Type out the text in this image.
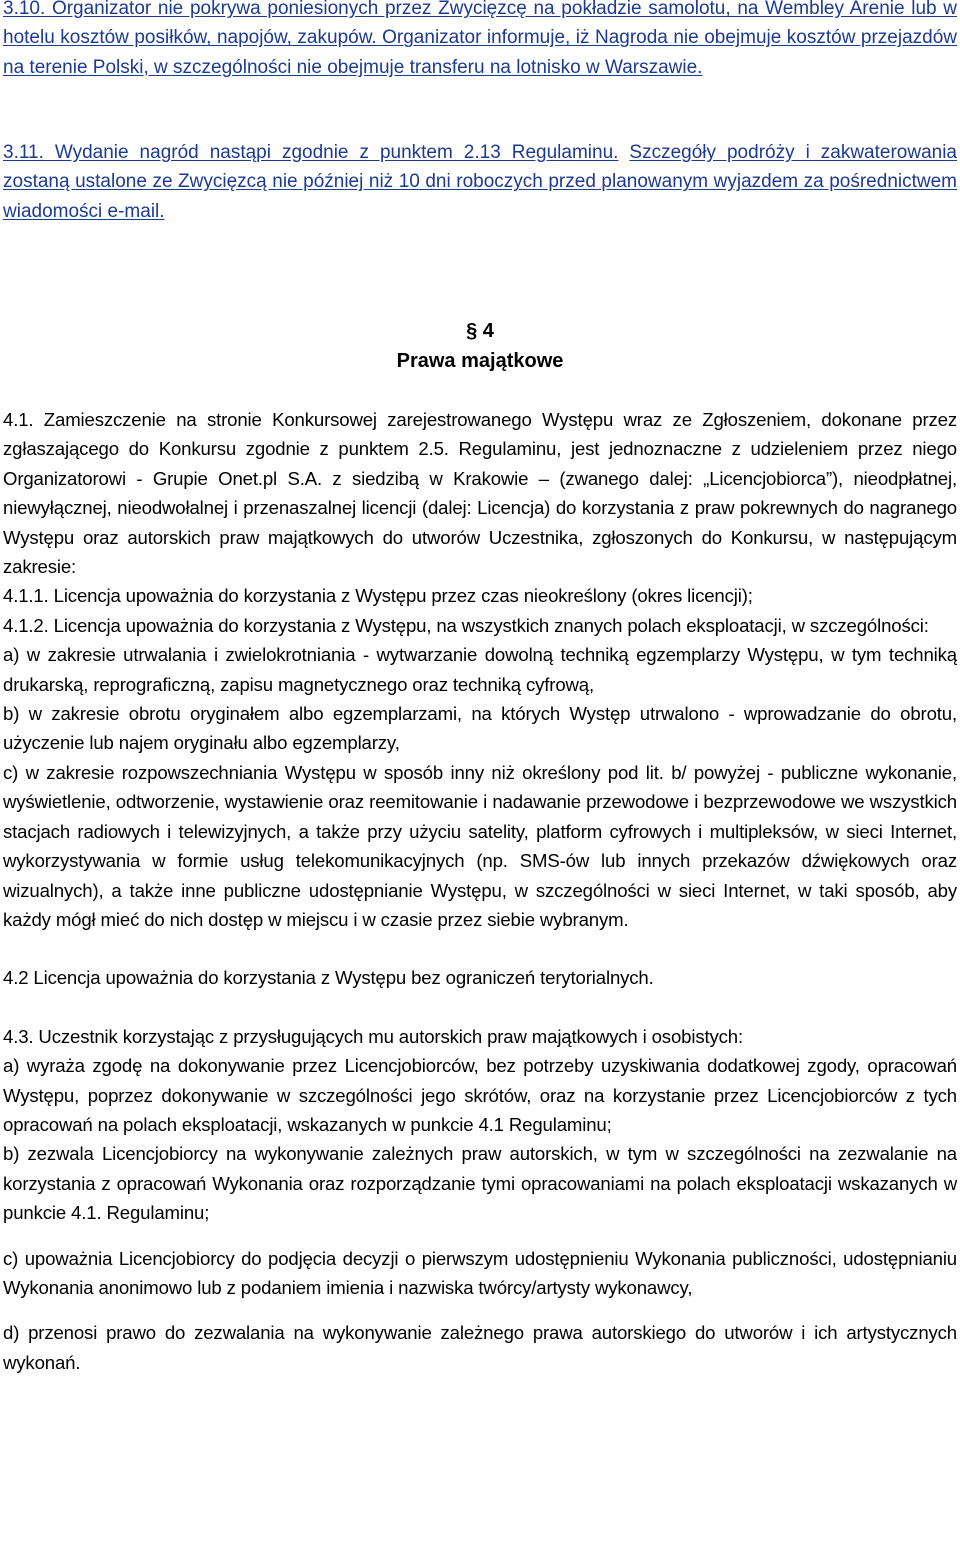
3.10. Organizator nie pokrywa poniesionych przez Zwycięzcę na pokładzie samolotu, na Wembley Arenie lub w hotelu kosztów posiłków, napojów, zakupów. Organizator informuje, iż Nagroda nie obejmuje kosztów przejazdów na terenie Polski, w szczególności nie obejmuje transferu na lotnisko w Warszawie.

3.11. Wydanie nagród nastąpi zgodnie z punktem 2.13 Regulaminu. Szczegóły podróży i zakwaterowania zostaną ustalone ze Zwycięzcą nie później niż 10 dni roboczych przed planowanym wyjazdem za pośrednictwem wiadomości e-mail.

§ 4

Prawa majątkowe

4.1. Zamieszczenie na stronie Konkursowej zarejestrowanego Występu wraz ze Zgłoszeniem, dokonane przez zgłaszającego do Konkursu zgodnie z punktem 2.5. Regulaminu, jest jednoznaczne z udzieleniem przez niego Organizatorowi - Grupie Onet.pl S.A. z siedzibą w Krakowie – (zwanego dalej: „Licencjobiorca”), nieodpłatnej, niewyłącznej, nieodwołalnej i przenaszalnej licencji (dalej: Licencja) do korzystania z praw pokrewnych do nagranego Występu oraz autorskich praw majątkowych do utworów Uczestnika, zgłoszonych do Konkursu, w następującym zakresie:

4.1.1. Licencja upoważnia do korzystania z Występu przez czas nieokreślony (okres licencji);

4.1.2. Licencja upoważnia do korzystania z Występu, na wszystkich znanych polach eksploatacji, w szczególności:

a) w zakresie utrwalania i zwielokrotniania - wytwarzanie dowolną techniką egzemplarzy Występu, w tym techniką drukarską, reprograficzną, zapisu magnetycznego oraz techniką cyfrową,

b) w zakresie obrotu oryginałem albo egzemplarzami, na których Występ utrwalono - wprowadzanie do obrotu, użyczenie lub najem oryginału albo egzemplarzy,

c) w zakresie rozpowszechniania Występu w sposób inny niż określony pod lit. b/ powyżej - publiczne wykonanie, wyświetlenie, odtworzenie, wystawienie oraz reemitowanie i nadawanie przewodowe i bezprzewodowe we wszystkich stacjach radiowych i telewizyjnych, a także przy użyciu satelity, platform cyfrowych i multipleksów, w sieci Internet, wykorzystywania w formie usług telekomunikacyjnych (np. SMS-ów lub innych przekazów dźwiękowych oraz wizualnych), a także inne publiczne udostępnianie Występu, w szczególności w sieci Internet, w taki sposób, aby każdy mógł mieć do nich dostęp w miejscu i w czasie przez siebie wybranym.

4.2 Licencja upoważnia do korzystania z Występu bez ograniczeń terytorialnych.

4.3. Uczestnik korzystając z przysługujących mu autorskich praw majątkowych i osobistych:

a) wyraża zgodę na dokonywanie przez Licencjobiorców, bez potrzeby uzyskiwania dodatkowej zgody, opracowań Występu, poprzez dokonywanie w szczególności jego skrótów, oraz na korzystanie przez Licencjobiorców z tych opracowań na polach eksploatacji, wskazanych w punkcie 4.1 Regulaminu;

b) zezwala Licencjobiorcy na wykonywanie zależnych praw autorskich, w tym w szczególności na zezwalanie na korzystania z opracowań Wykonania oraz rozporządzanie tymi opracowaniami na polach eksploatacji wskazanych w punkcie 4.1. Regulaminu;

c) upoważnia Licencjobiorcy do podjęcia decyzji o pierwszym udostępnieniu Wykonania publiczności, udostępnianiu Wykonania anonimowo lub z podaniem imienia i nazwiska twórcy/artysty wykonawcy,

d) przenosi prawo do zezwalania na wykonywanie zależnego prawa autorskiego do utworów i ich artystycznych wykonań.
